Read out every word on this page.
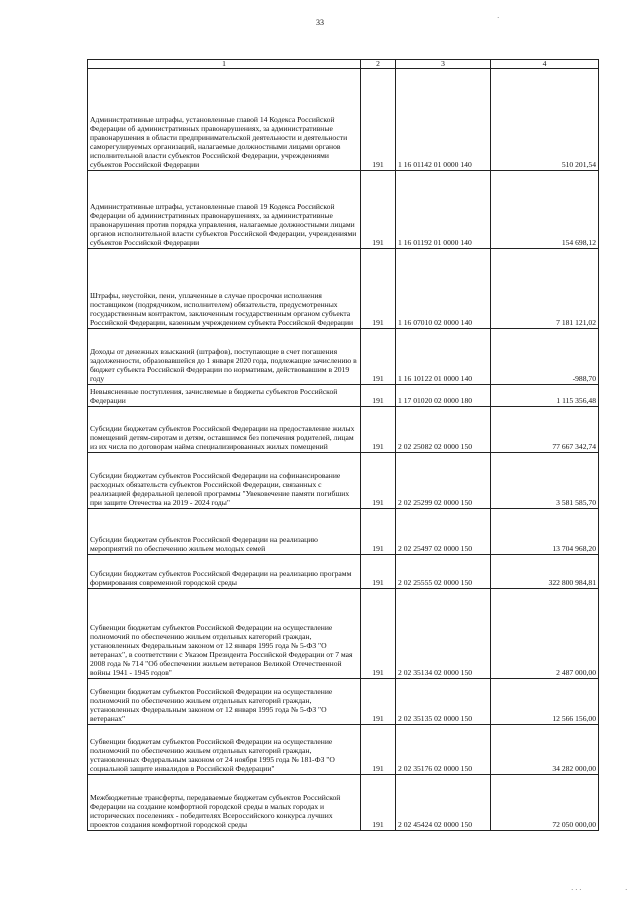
33
1	2	3	4
Административные штрафы, установленные главой 14 Кодекса Российской Федерации об административных правонарушениях, за административные правонарушения в области предпринимательской деятельности и деятельности саморегулируемых организаций, налагаемые должностными лицами органов исполнительной власти субъектов Российской Федерации, учреждениями субъектов Российской Федерации	191	1 16 01142 01 0000 140	510 201,54
Административные штрафы, установленные главой 19 Кодекса Российской Федерации об административных правонарушениях, за административные правонарушения против порядка управления, налагаемые должностными лицами органов исполнительной власти субъектов Российской Федерации, учреждениями субъектов Российской Федерации	191	1 16 01192 01 0000 140	154 698,12
Штрафы, неустойки, пени, уплаченные в случае просрочки исполнения поставщиком (подрядчиком, исполнителем) обязательств, предусмотренных государственным контрактом, заключенным государственным органом субъекта Российской Федерации, казенным учреждением субъекта Российской Федерации	191	1 16 07010 02 0000 140	7 181 121,02
Доходы от денежных взысканий (штрафов), поступающие в счет погашения задолженности, образовавшейся до 1 января 2020 года, подлежащие зачислению в бюджет субъекта Российской Федерации по нормативам, действовавшим в 2019 году	191	1 16 10122 01 0000 140	-988,70
Невыясненные поступления, зачисляемые в бюджеты субъектов Российской Федерации	191	1 17 01020 02 0000 180	1 115 356,48
Субсидии бюджетам субъектов Российской Федерации на предоставление жилых помещений детям-сиротам и детям, оставшимся без попечения родителей, лицам из их числа по договорам найма специализированных жилых помещений	191	2 02 25082 02 0000 150	77 667 342,74
Субсидии бюджетам субъектов Российской Федерации на софинансирование расходных обязательств субъектов Российской Федерации, связанных с реализацией федеральной целевой программы "Увековечение памяти погибших при защите Отечества на 2019 - 2024 годы"	191	2 02 25299 02 0000 150	3 581 585,70
Субсидии бюджетам субъектов Российской Федерации на реализацию мероприятий по обеспечению жильем молодых семей	191	2 02 25497 02 0000 150	13 704 968,20
Субсидии бюджетам субъектов Российской Федерации на реализацию программ формирования современной городской среды	191	2 02 25555 02 0000 150	322 800 984,81
Субвенции бюджетам субъектов Российской Федерации на осуществление полномочий по обеспечению жильем отдельных категорий граждан, установленных Федеральным законом от 12 января 1995 года № 5-ФЗ "О ветеранах", в соответствии с Указом Президента Российской Федерации от 7 мая 2008 года № 714 "Об обеспечении жильем ветеранов Великой Отечественной войны 1941 - 1945 годов"	191	2 02 35134 02 0000 150	2 487 000,00
Субвенции бюджетам субъектов Российской Федерации на осуществление полномочий по обеспечению жильем отдельных категорий граждан, установленных Федеральным законом от 12 января 1995 года № 5-ФЗ "О ветеранах"	191	2 02 35135 02 0000 150	12 566 156,00
Субвенции бюджетам субъектов Российской Федерации на осуществление полномочий по обеспечению жильем отдельных категорий граждан, установленных Федеральным законом от 24 ноября 1995 года № 181-ФЗ "О социальной защите инвалидов в Российской Федерации"	191	2 02 35176 02 0000 150	34 282 000,00
Межбюджетные трансферты, передаваемые бюджетам субъектов Российской Федерации на создание комфортной городской среды в малых городах и исторических поселениях - победителях Всероссийского конкурса лучших проектов создания комфортной городской среды	191	2 02 45424 02 0000 150	72 050 000,00
·
· · ·	·
